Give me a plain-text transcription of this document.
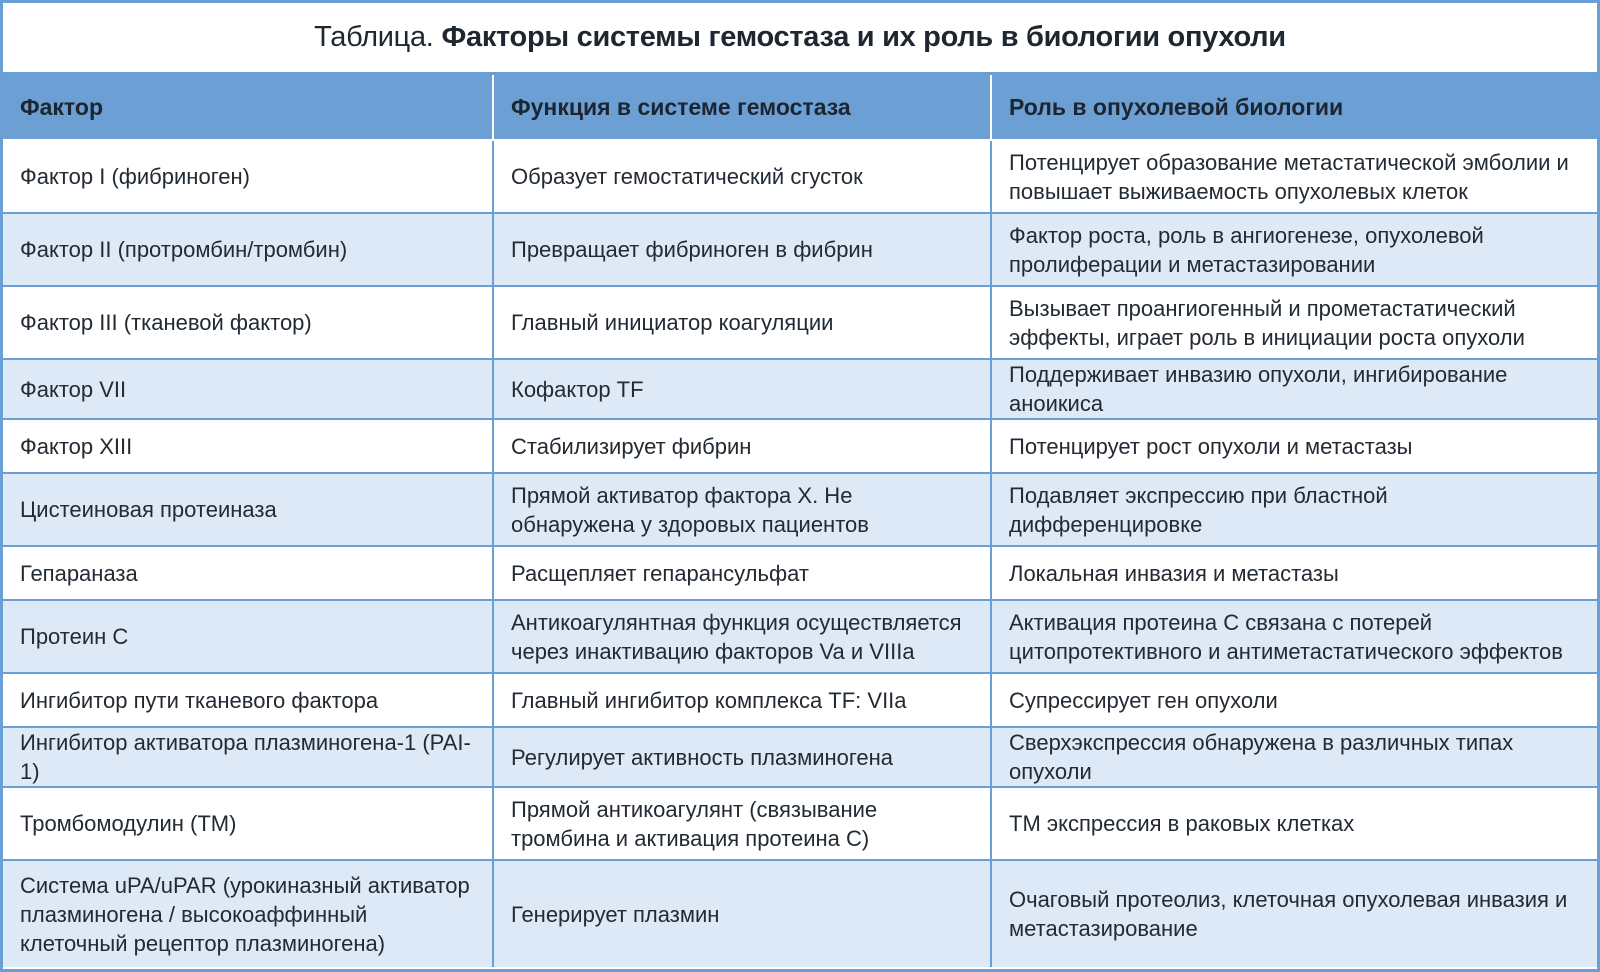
Таблица. Факторы системы гемостаза и их роль в биологии опухоли
Фактор	Функция в системе гемостаза	Роль в опухолевой биологии
Фактор I (фибриноген)	Образует гемостатический сгусток	Потенцирует образование метастатической эмболии и повышает выживаемость опухолевых клеток
Фактор II (протромбин/тромбин)	Превращает фибриноген в фибрин	Фактор роста, роль в ангиогенезе, опухолевой пролиферации и метастазировании
Фактор III (тканевой фактор)	Главный инициатор коагуляции	Вызывает проангиогенный и прометастатический эффекты, играет роль в инициации роста опухоли
Фактор VII	Кофактор TF	Поддерживает инвазию опухоли, ингибирование аноикиса
Фактор XIII	Стабилизирует фибрин	Потенцирует рост опухоли и метастазы
Цистеиновая протеиназа	Прямой активатор фактора X. Не обнаружена у здоровых пациентов	Подавляет экспрессию при бластной дифференцировке
Гепараназа	Расщепляет гепарансульфат	Локальная инвазия и метастазы
Протеин С	Антикоагулянтная функция осуществляется через инактивацию факторов Va и VIIIa	Активация протеина С связана с потерей цитопротективного и антиметастатического эффектов
Ингибитор пути тканевого фактора	Главный ингибитор комплекса TF: VIIa	Супрессирует ген опухоли
Ингибитор активатора плазминогена-1 (PAI-1)	Регулирует активность плазминогена	Сверхэкспрессия обнаружена в различных типах опухоли
Тромбомодулин (TM)	Прямой антикоагулянт (связывание тромбина и активация протеина С)	TM экспрессия в раковых клетках
Система uPA/uPAR (урокиназный активатор плазминогена / высокоаффинный клеточный рецептор плазминогена)	Генерирует плазмин	Очаговый протеолиз, клеточная опухолевая инвазия и метастазирование
